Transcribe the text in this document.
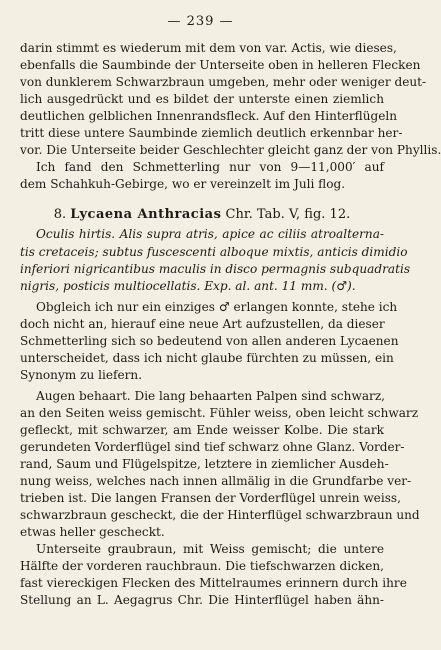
— 239 —
darin stimmt es wiederum mit dem von var. Actis, wie dieses,
ebenfalls die Saumbinde der Unterseite oben in helleren Flecken
von dunklerem Schwarzbraun umgeben, mehr oder weniger deut-
lich ausgedrückt und es bildet der unterste einen ziemlich
deutlichen gelblichen Innenrandsfleck. Auf den Hinterflügeln
tritt diese untere Saumbinde ziemlich deutlich erkennbar her-
vor. Die Unterseite beider Geschlechter gleicht ganz der von Phyllis.
Ich fand den Schmetterling nur von 9—11,000′ auf
dem Schahkuh-Gebirge, wo er vereinzelt im Juli flog.
8. Lycaena Anthracias Chr. Tab. V, fig. 12.
Oculis hirtis. Alis supra atris, apice ac ciliis atroalterna-
tis cretaceis; subtus fuscescenti alboque mixtis, anticis dimidio
inferiori nigricantibus maculis in disco permagnis subquadratis
nigris, posticis multiocellatis. Exp. al. ant. 11 mm. (♂).
Obgleich ich nur ein einziges ♂ erlangen konnte, stehe ich
doch nicht an, hierauf eine neue Art aufzustellen, da dieser
Schmetterling sich so bedeutend von allen anderen Lycaenen
unterscheidet, dass ich nicht glaube fürchten zu müssen, ein
Synonym zu liefern.
Augen behaart. Die lang behaarten Palpen sind schwarz,
an den Seiten weiss gemischt. Fühler weiss, oben leicht schwarz
gefleckt, mit schwarzer, am Ende weisser Kolbe. Die stark
gerundeten Vorderflügel sind tief schwarz ohne Glanz. Vorder-
rand, Saum und Flügelspitze, letztere in ziemlicher Ausdeh-
nung weiss, welches nach innen allmälig in die Grundfarbe ver-
trieben ist. Die langen Fransen der Vorderflügel unrein weiss,
schwarzbraun gescheckt, die der Hinterflügel schwarzbraun und
etwas heller gescheckt.
Unterseite graubraun, mit Weiss gemischt; die untere
Hälfte der vorderen rauchbraun. Die tiefschwarzen dicken,
fast viereckigen Flecken des Mittelraumes erinnern durch ihre
Stellung an L. Aegagrus Chr. Die Hinterflügel haben ähn-
